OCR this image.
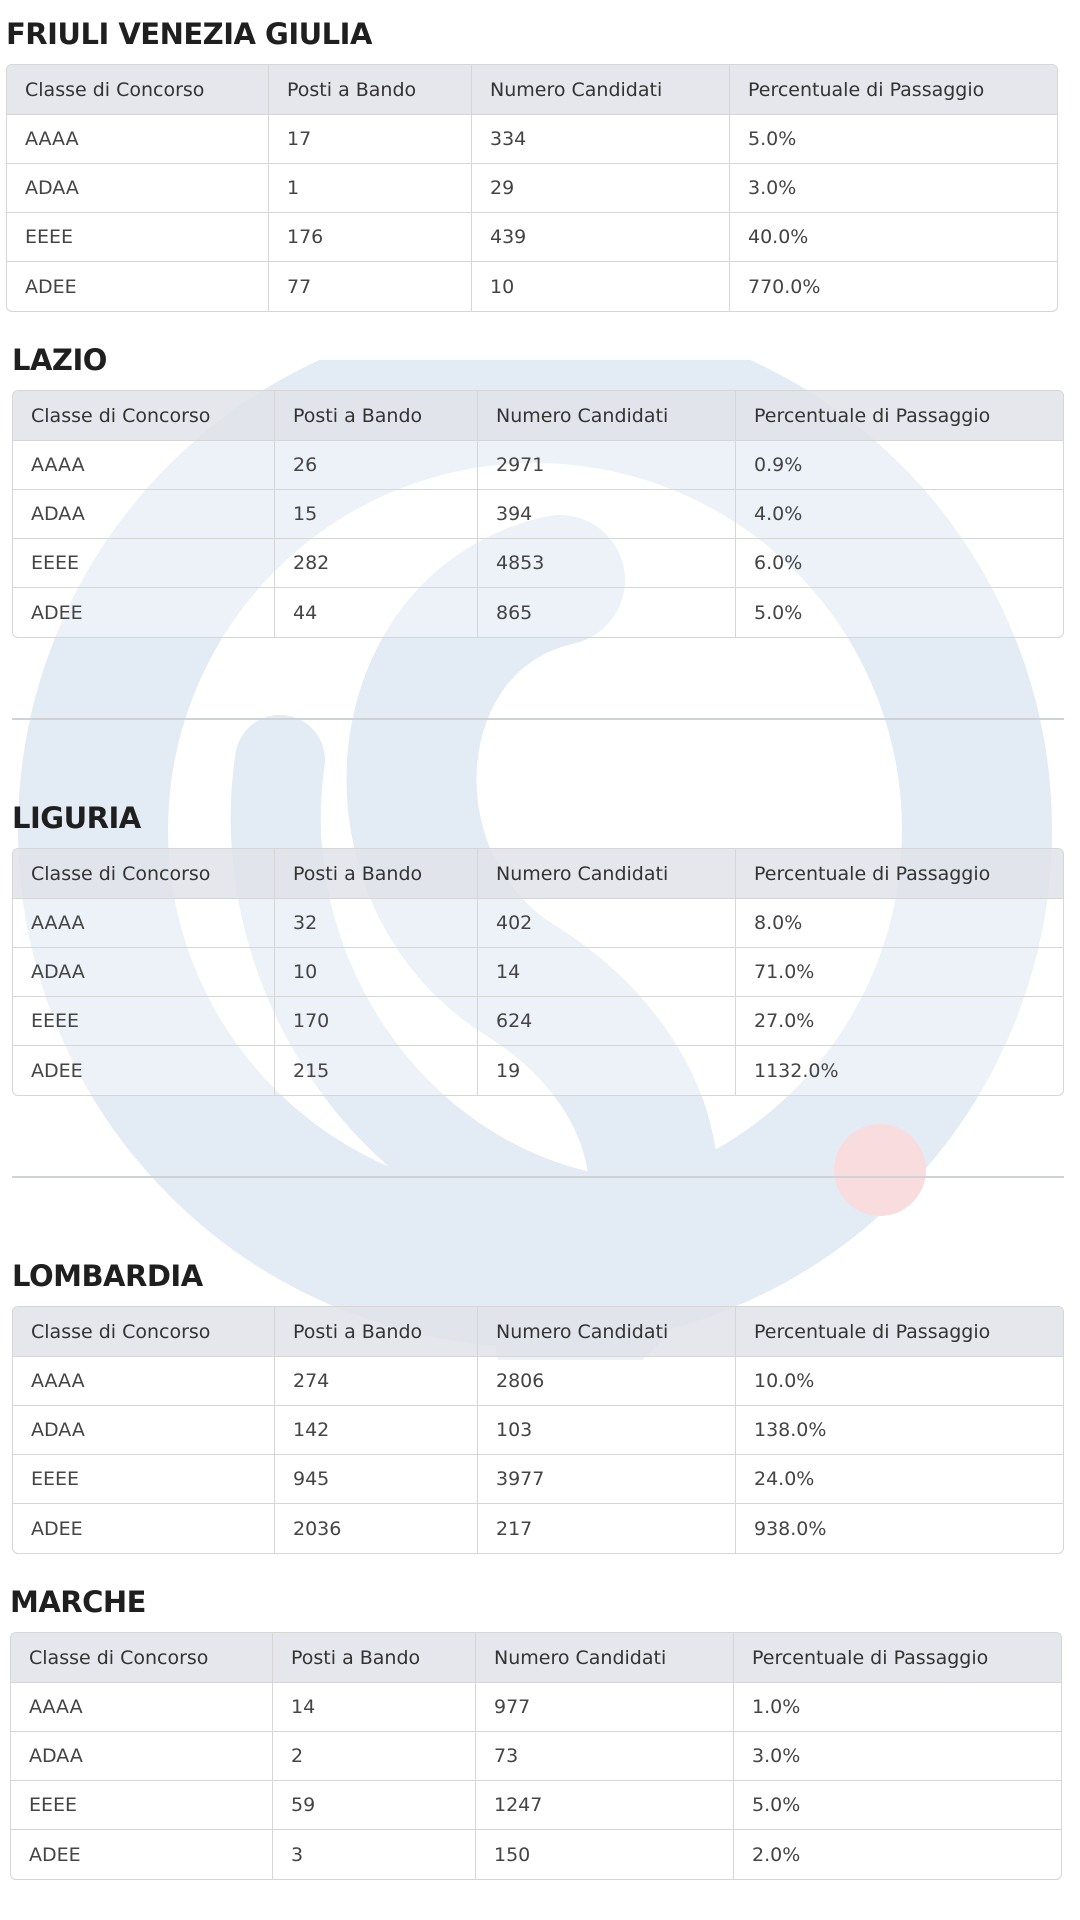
FRIULI VENEZIA GIULIA
Classe di Concorso	Posti a Bando	Numero Candidati	Percentuale di Passaggio
AAAA	17	334	5.0%
ADAA	1	29	3.0%
EEEE	176	439	40.0%
ADEE	77	10	770.0%
LAZIO
Classe di Concorso	Posti a Bando	Numero Candidati	Percentuale di Passaggio
AAAA	26	2971	0.9%
ADAA	15	394	4.0%
EEEE	282	4853	6.0%
ADEE	44	865	5.0%
LIGURIA
Classe di Concorso	Posti a Bando	Numero Candidati	Percentuale di Passaggio
AAAA	32	402	8.0%
ADAA	10	14	71.0%
EEEE	170	624	27.0%
ADEE	215	19	1132.0%
LOMBARDIA
Classe di Concorso	Posti a Bando	Numero Candidati	Percentuale di Passaggio
AAAA	274	2806	10.0%
ADAA	142	103	138.0%
EEEE	945	3977	24.0%
ADEE	2036	217	938.0%
MARCHE
Classe di Concorso	Posti a Bando	Numero Candidati	Percentuale di Passaggio
AAAA	14	977	1.0%
ADAA	2	73	3.0%
EEEE	59	1247	5.0%
ADEE	3	150	2.0%
